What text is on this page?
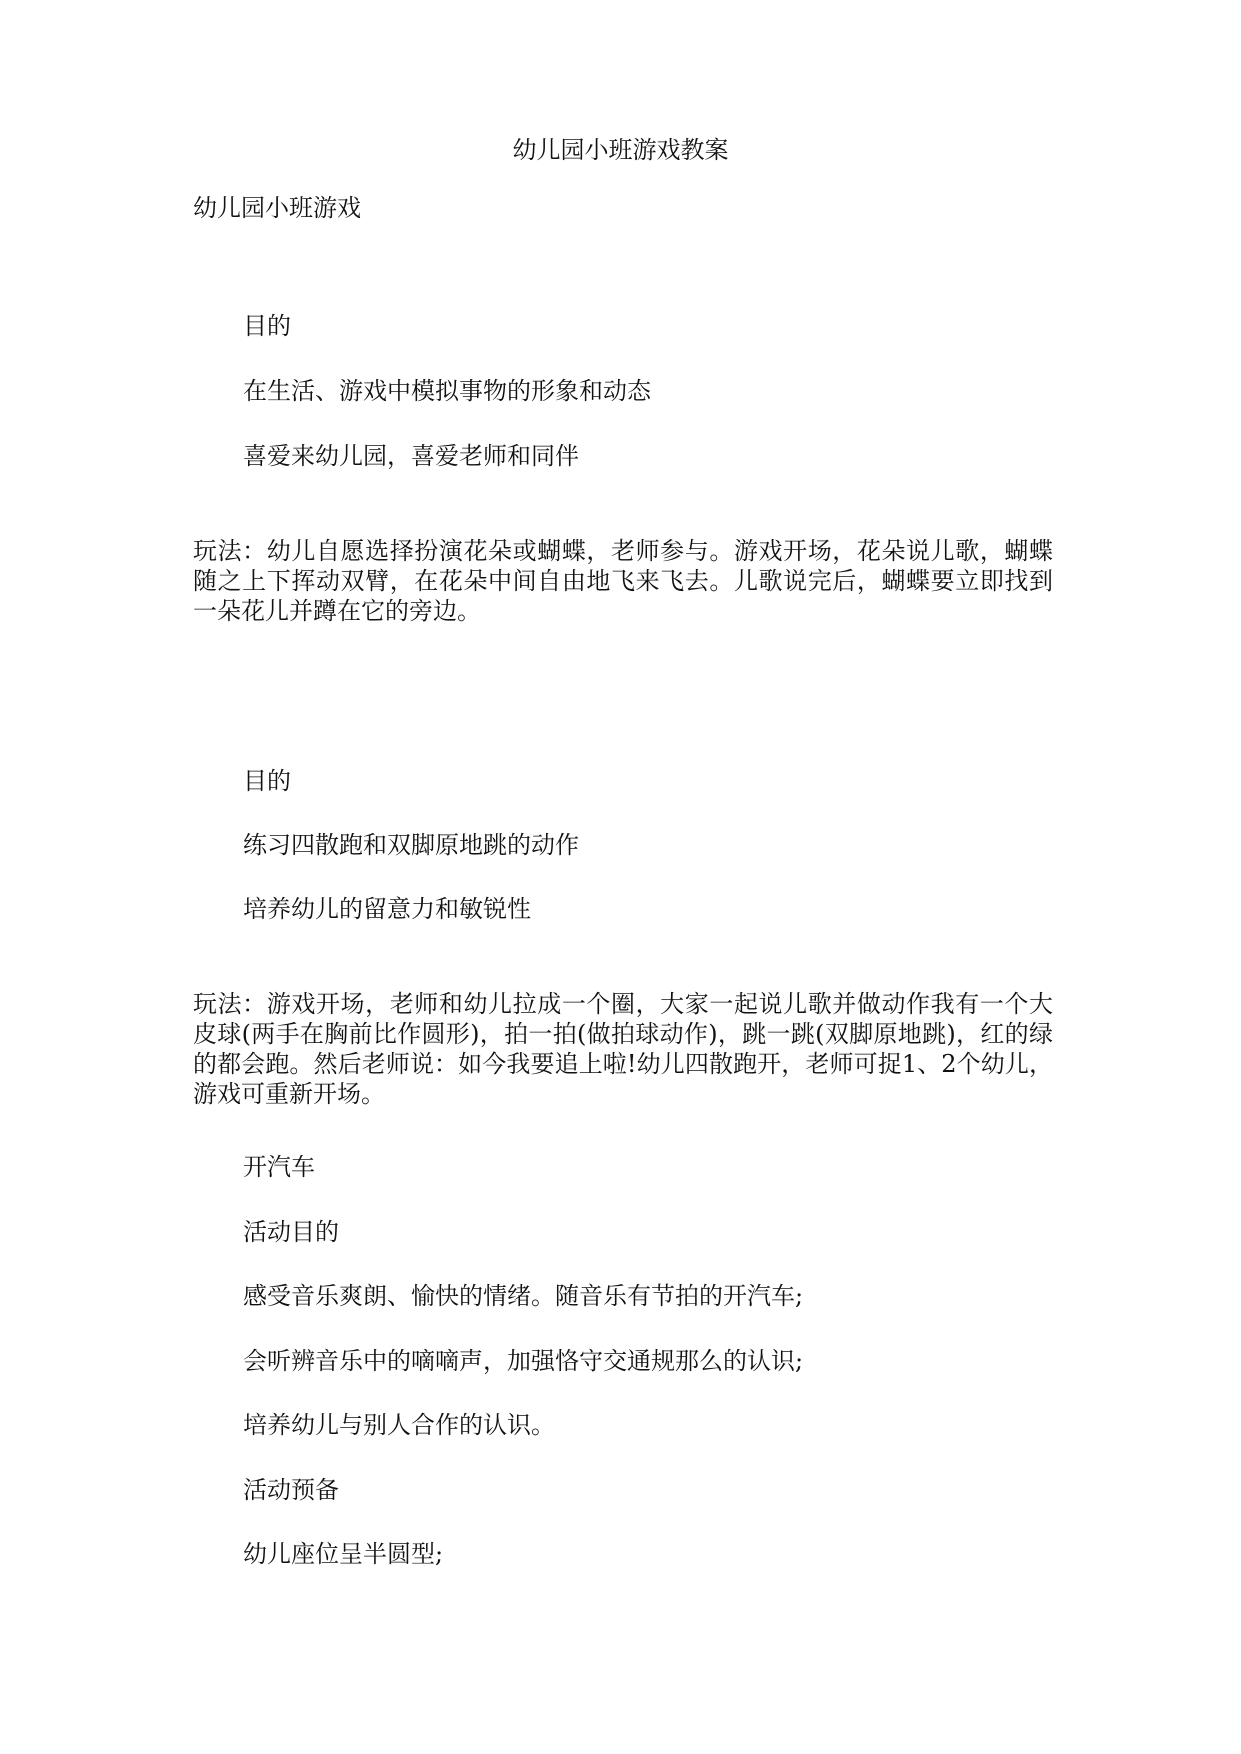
幼儿园小班游戏教案
幼儿园小班游戏
目的
在生活、游戏中模拟事物的形象和动态
喜爱来幼儿园，喜爱老师和同伴
玩法：幼儿自愿选择扮演花朵或蝴蝶，老师参与。游戏开场，花朵说儿歌，蝴蝶随之上下挥动双臂，在花朵中间自由地飞来飞去。儿歌说完后，蝴蝶要立即找到一朵花儿并蹲在它的旁边。
目的
练习四散跑和双脚原地跳的动作
培养幼儿的留意力和敏锐性
玩法：游戏开场，老师和幼儿拉成一个圈，大家一起说儿歌并做动作我有一个大皮球(两手在胸前比作圆形)，拍一拍(做拍球动作)，跳一跳(双脚原地跳)，红的绿的都会跑。然后老师说：如今我要追上啦!幼儿四散跑开，老师可捉1、2个幼儿，游戏可重新开场。
开汽车
活动目的
感受音乐爽朗、愉快的情绪。随音乐有节拍的开汽车;
会听辨音乐中的嘀嘀声，加强恪守交通规那么的认识;
培养幼儿与别人合作的认识。
活动预备
幼儿座位呈半圆型;
